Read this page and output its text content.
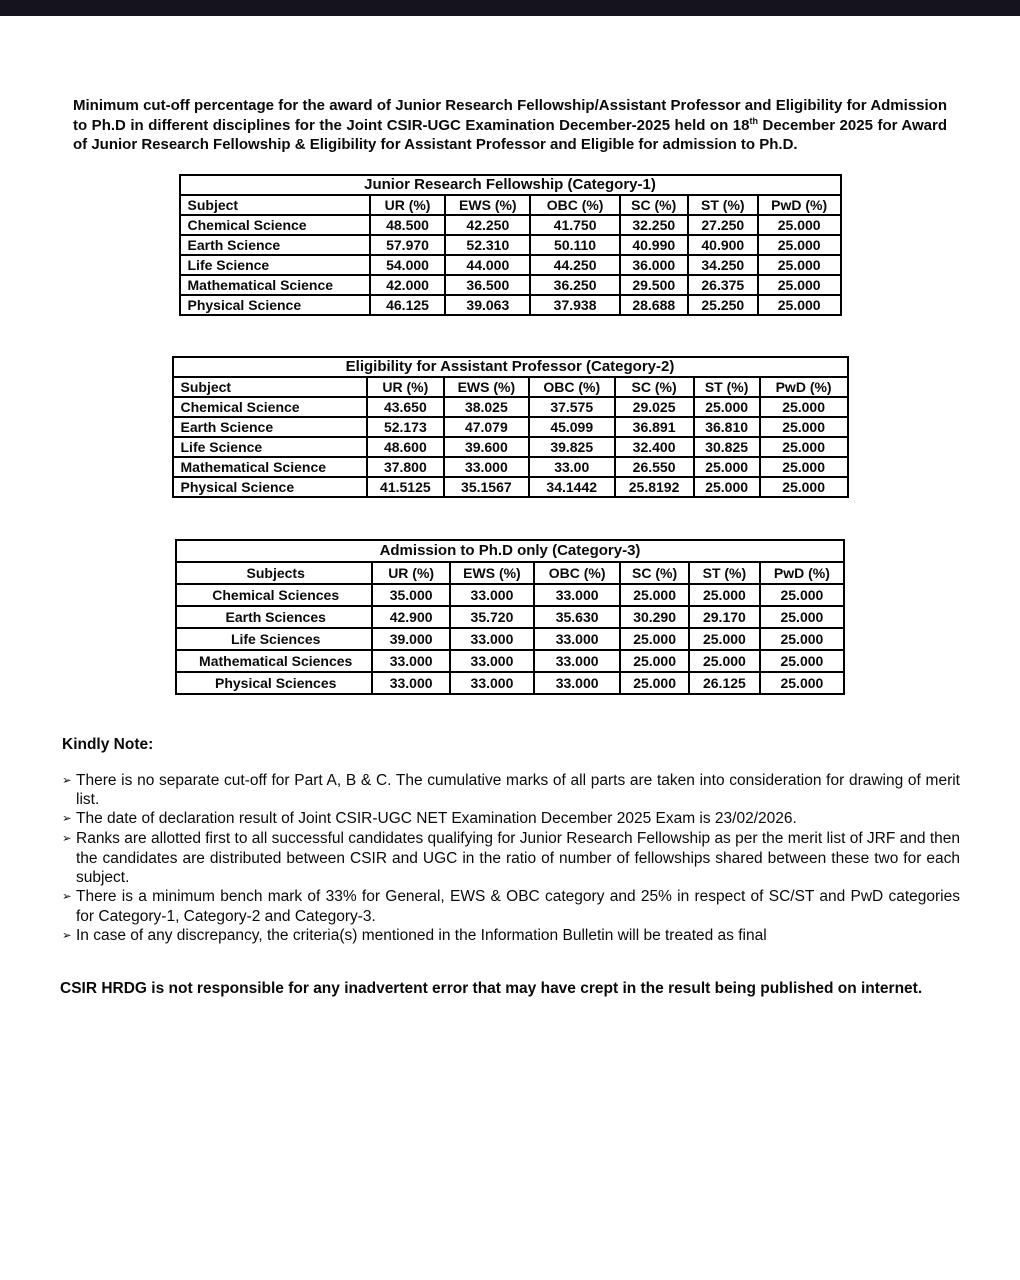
Minimum cut-off percentage for the award of Junior Research Fellowship/Assistant Professor and Eligibility for Admission to Ph.D in different disciplines for the Joint CSIR-UGC Examination December-2025 held on 18th December 2025 for Award of Junior Research Fellowship & Eligibility for Assistant Professor and Eligible for admission to Ph.D.

Junior Research Fellowship (Category-1)						
Subject	UR (%)	EWS (%)	OBC (%)	SC (%)	ST (%)	PwD (%)
Chemical Science	48.500	42.250	41.750	32.250	27.250	25.000
Earth Science	57.970	52.310	50.110	40.990	40.900	25.000
Life Science	54.000	44.000	44.250	36.000	34.250	25.000
Mathematical Science	42.000	36.500	36.250	29.500	26.375	25.000
Physical Science	46.125	39.063	37.938	28.688	25.250	25.000
Eligibility for Assistant Professor (Category-2)						
Subject	UR (%)	EWS (%)	OBC (%)	SC (%)	ST (%)	PwD (%)
Chemical Science	43.650	38.025	37.575	29.025	25.000	25.000
Earth Science	52.173	47.079	45.099	36.891	36.810	25.000
Life Science	48.600	39.600	39.825	32.400	30.825	25.000
Mathematical Science	37.800	33.000	33.00	26.550	25.000	25.000
Physical Science	41.5125	35.1567	34.1442	25.8192	25.000	25.000
Admission to Ph.D only (Category-3)						
Subjects	UR (%)	EWS (%)	OBC (%)	SC (%)	ST (%)	PwD (%)
Chemical Sciences	35.000	33.000	33.000	25.000	25.000	25.000
Earth Sciences	42.900	35.720	35.630	30.290	29.170	25.000
Life Sciences	39.000	33.000	33.000	25.000	25.000	25.000
Mathematical Sciences	33.000	33.000	33.000	25.000	25.000	25.000
Physical Sciences	33.000	33.000	33.000	25.000	26.125	25.000
Kindly Note:
➢ There is no separate cut-off for Part A, B & C. The cumulative marks of all parts are taken into consideration for drawing of merit list.
➢ The date of declaration result of Joint CSIR-UGC NET Examination December 2025 Exam is 23/02/2026.
➢ Ranks are allotted first to all successful candidates qualifying for Junior Research Fellowship as per the merit list of JRF and then the candidates are distributed between CSIR and UGC in the ratio of number of fellowships shared between these two for each subject.
➢ There is a minimum bench mark of 33% for General, EWS & OBC category and 25% in respect of SC/ST and PwD categories for Category-1, Category-2 and Category-3.
➢ In case of any discrepancy, the criteria(s) mentioned in the Information Bulletin will be treated as final

CSIR HRDG is not responsible for any inadvertent error that may have crept in the result being published on internet.
